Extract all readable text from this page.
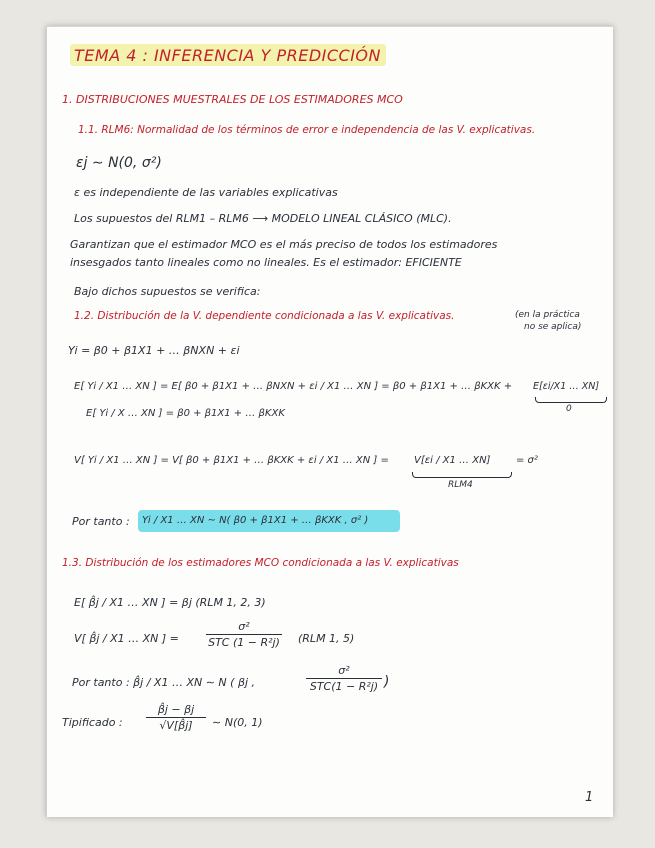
TEMA 4 : INFERENCIA Y PREDICCIÓN
1. DISTRIBUCIONES MUESTRALES DE LOS ESTIMADORES MCO
1.1. RLM6: Normalidad de los términos de error e independencia de las V. explicativas.
εj ∼ N(0, σ²)
ε es independiente de las variables explicativas
Los supuestos del RLM1 – RLM6 ⟶ MODELO LINEAL CLÁSICO (MLC).
Garantizan que el estimador MCO es el más preciso de todos los estimadores
insesgados tanto lineales como no lineales. Es el estimador: EFICIENTE
Bajo dichos supuestos se verifica:
1.2. Distribución de la V. dependiente condicionada a las V. explicativas.	(en la práctica
no se aplica)
Yi = β0 + β1X1 + … βNXN + εi
E[ Yi / X1 … XN ] = E[ β0 + β1X1 + … βNXN + εi / X1 … XN ] = β0 + β1X1 + … βKXK + E[εi/X1 … XN]
0
E[ Yi / X … XN ] = β0 + β1X1 + … βKXK
V[ Yi / X1 … XN ] = V[ β0 + β1X1 + … βKXK + εi / X1 … XN ] =	V[εi / X1 … XN]	= σ²
RLM4
Por tanto : Yi / X1 … XN ∼ N( β0 + β1X1 + … βKXK , σ² )
1.3. Distribución de los estimadores MCO condicionada a las V. explicativas
E[ β̂j / X1 … XN ] = βj (RLM 1, 2, 3)
V[ β̂j / X1 … XN ] =
σ²
STC (1 − R²j) (RLM 1, 5)
Por tanto : β̂j / X1 … XN ∼ N ( βj ,
σ²
STC(1 − R²j) )
Tipificado :
β̂j − βj
√V[β̂j]	∼ N(0, 1)
1
